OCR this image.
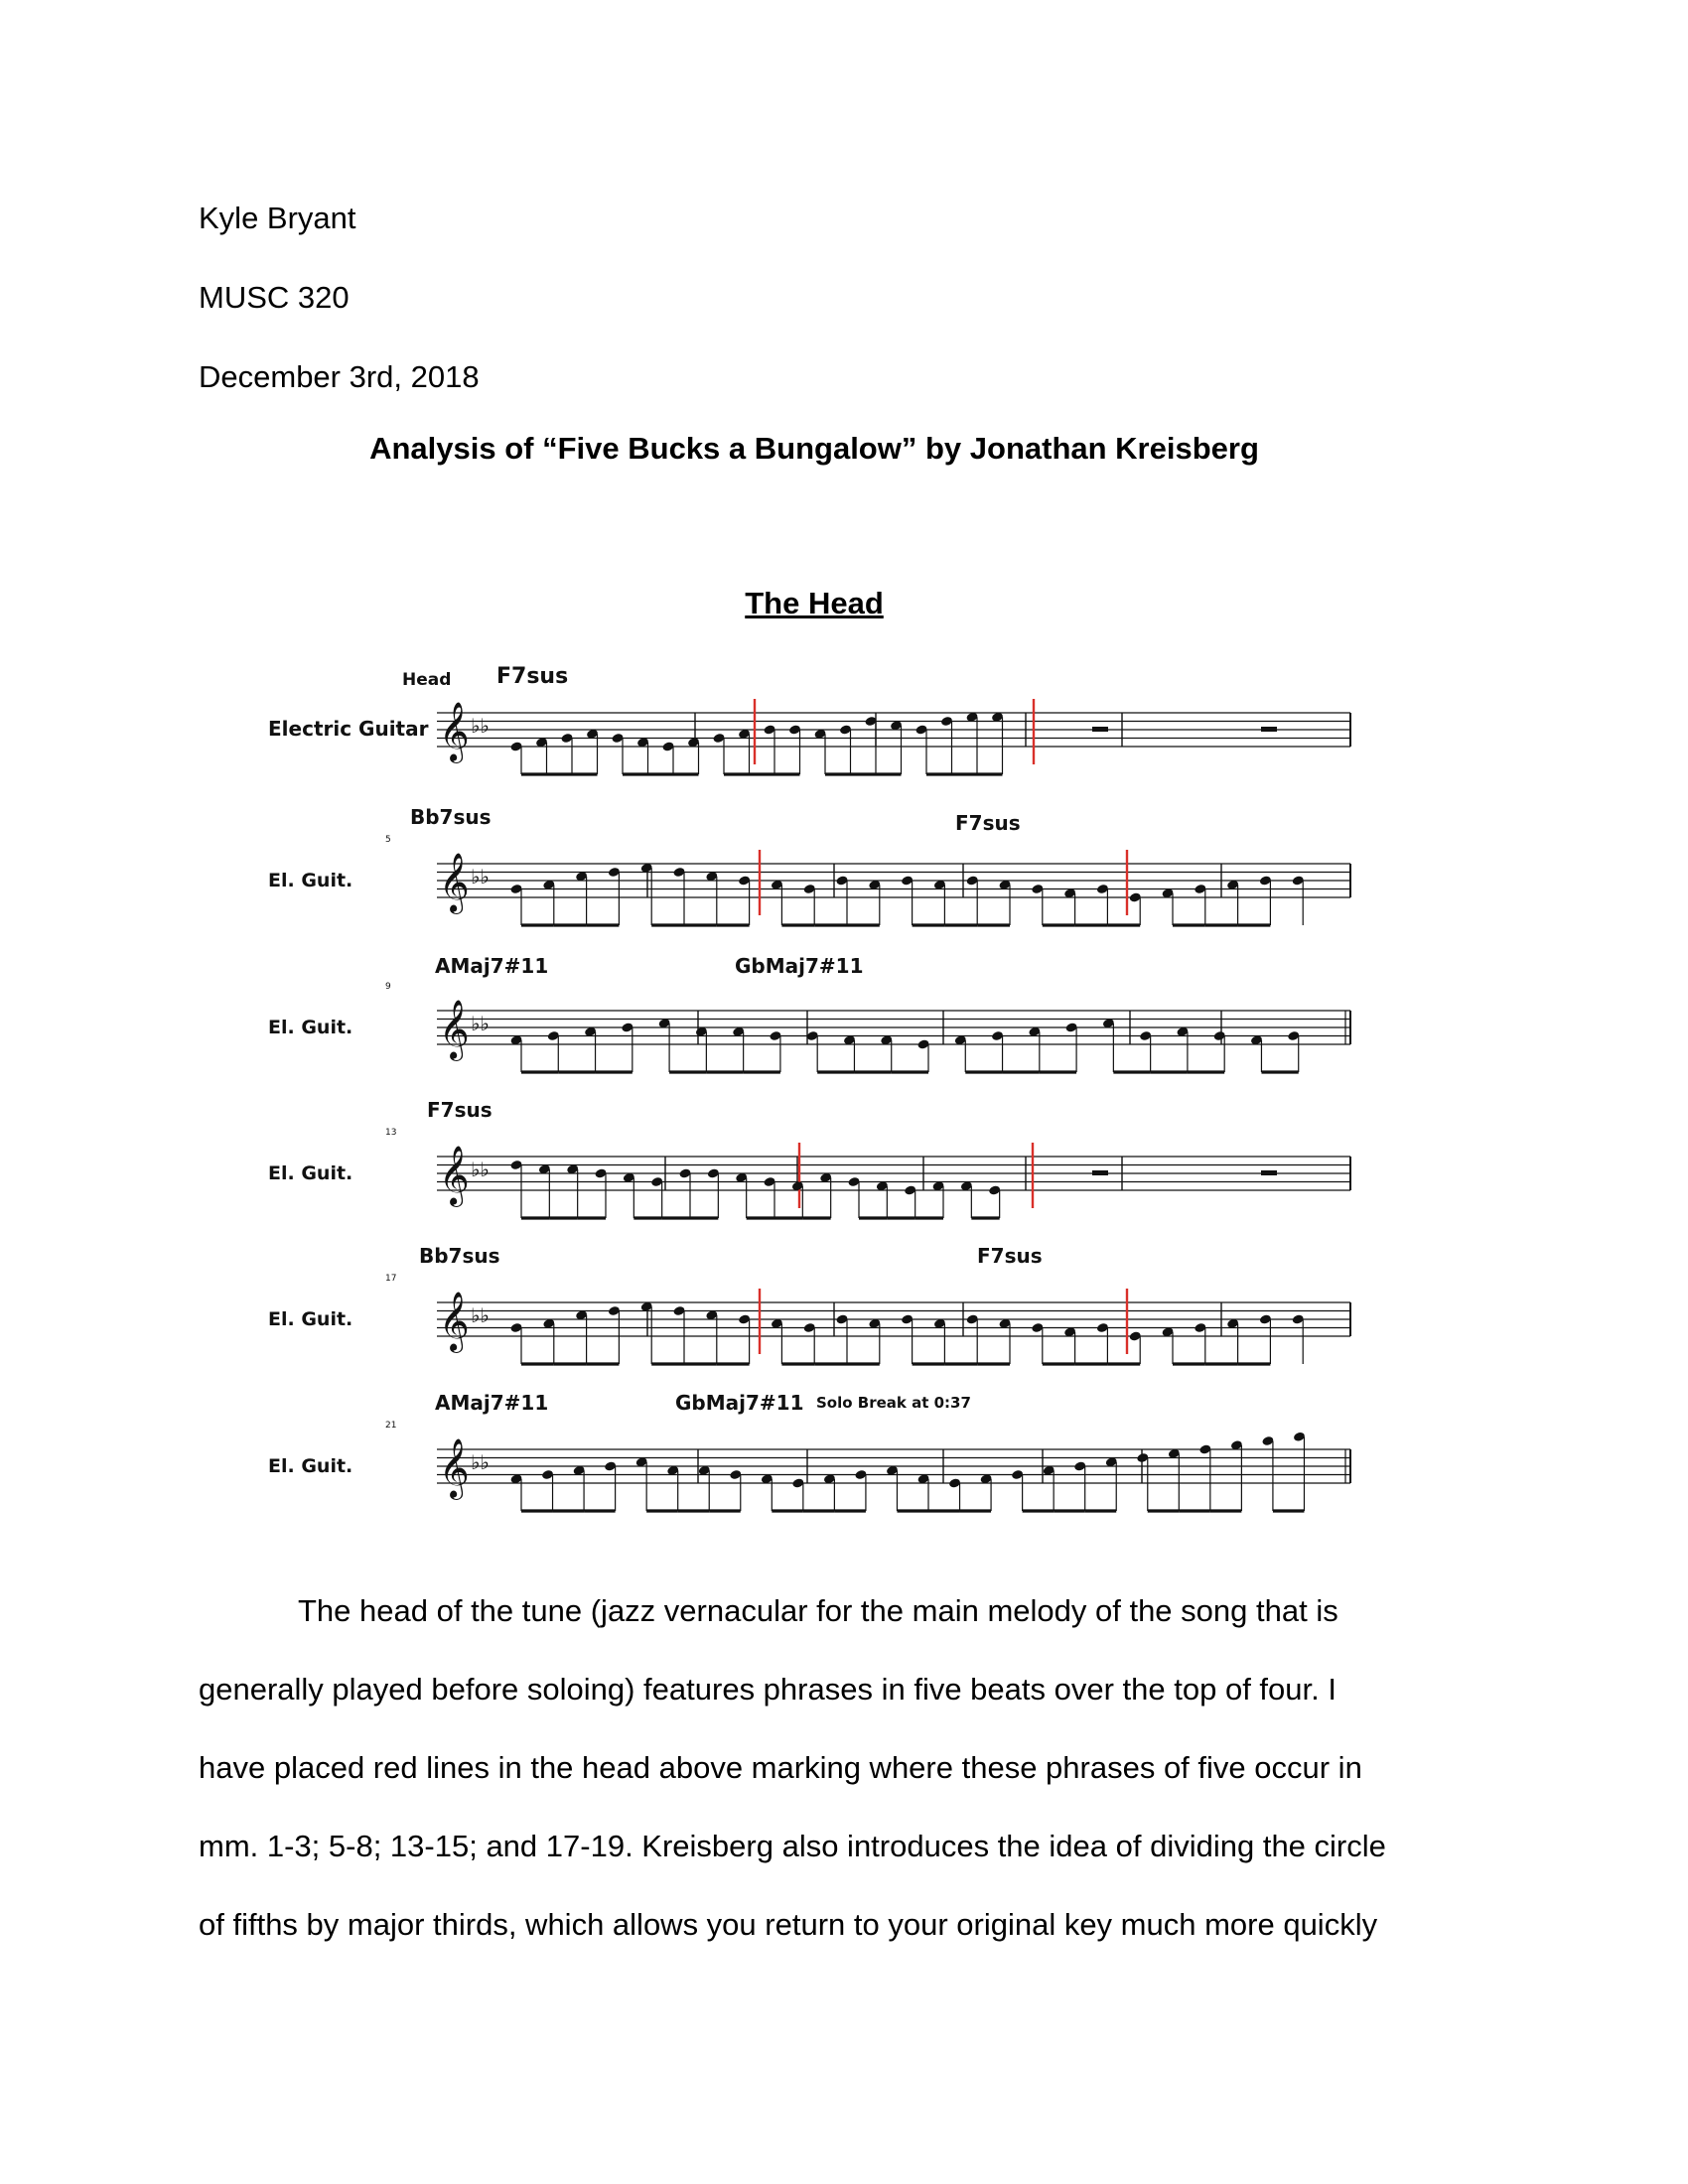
Kyle Bryant
MUSC 320
December 3rd, 2018
Analysis of “Five Bucks a Bungalow” by Jonathan Kreisberg
The Head
Head F7sus
Bb7sus	F7sus
AMaj7#11	GbMaj7#11
F7sus
Bb7sus	F7sus
AMaj7#11	GbMaj7#11 Solo Break at 0:37
Electric Guitar 𝄞 ♭♭
El. Guit.
5
𝄞 ♭♭
El. Guit.
9
𝄞 ♭♭
El. Guit.
13
𝄞 ♭♭
El. Guit.
17
𝄞 ♭♭
El. Guit.
21
𝄞 ♭♭
The head of the tune (jazz vernacular for the main melody of the song that is
generally played before soloing) features phrases in five beats over the top of four. I
have placed red lines in the head above marking where these phrases of five occur in
mm. 1-3; 5-8; 13-15; and 17-19. Kreisberg also introduces the idea of dividing the circle
of fifths by major thirds, which allows you return to your original key much more quickly
